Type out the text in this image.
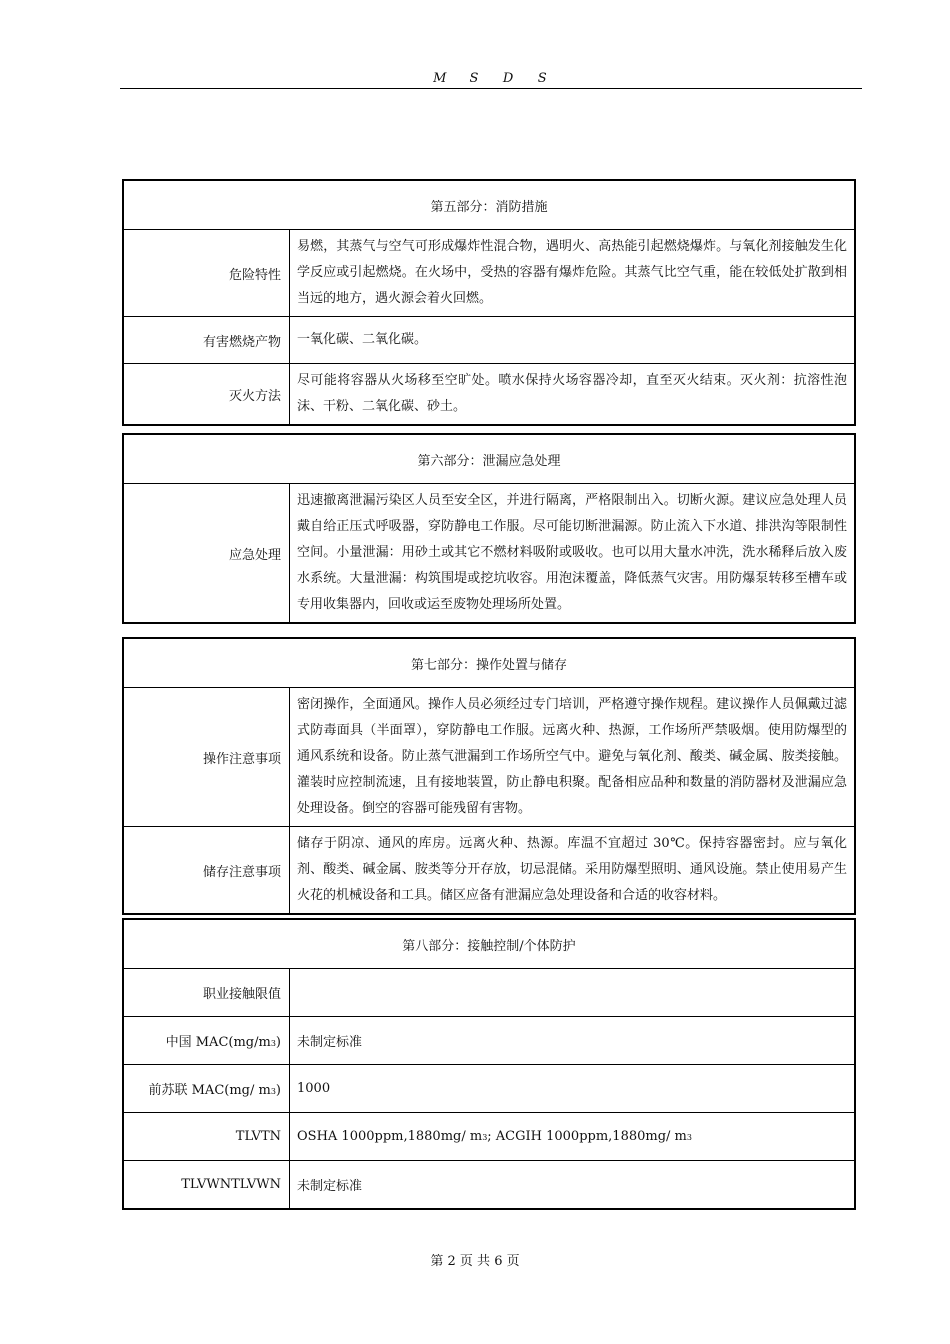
M S D S
第五部分：消防措施	
危险特性	易燃，其蒸气与空气可形成爆炸性混合物，遇明火、高热能引起燃烧爆炸。与氧化剂接触发生化学反应或引起燃烧。在火场中，受热的容器有爆炸危险。其蒸气比空气重，能在较低处扩散到相当远的地方，遇火源会着火回燃。
有害燃烧产物	一氧化碳、二氧化碳。
灭火方法	尽可能将容器从火场移至空旷处。喷水保持火场容器冷却，直至灭火结束。灭火剂：抗溶性泡沫、干粉、二氧化碳、砂土。
第六部分：泄漏应急处理
应急处理	迅速撤离泄漏污染区人员至安全区，并进行隔离，严格限制出入。切断火源。建议应急处理人员戴自给正压式呼吸器，穿防静电工作服。尽可能切断泄漏源。防止流入下水道、排洪沟等限制性空间。小量泄漏：用砂土或其它不燃材料吸附或吸收。也可以用大量水冲洗，洗水稀释后放入废水系统。大量泄漏：构筑围堤或挖坑收容。用泡沫覆盖，降低蒸气灾害。用防爆泵转移至槽车或专用收集器内，回收或运至废物处理场所处置。
第七部分：操作处置与储存	
操作注意事项	密闭操作，全面通风。操作人员必须经过专门培训，严格遵守操作规程。建议操作人员佩戴过滤式防毒面具（半面罩），穿防静电工作服。远离火种、热源，工作场所严禁吸烟。使用防爆型的通风系统和设备。防止蒸气泄漏到工作场所空气中。避免与氧化剂、酸类、碱金属、胺类接触。灌装时应控制流速，且有接地装置，防止静电积聚。配备相应品种和数量的消防器材及泄漏应急处理设备。倒空的容器可能残留有害物。
储存注意事项	储存于阴凉、通风的库房。远离火种、热源。库温不宜超过 30℃。保持容器密封。应与氧化剂、酸类、碱金属、胺类等分开存放，切忌混储。采用防爆型照明、通风设施。禁止使用易产生火花的机械设备和工具。储区应备有泄漏应急处理设备和合适的收容材料。
第八部分：接触控制/个体防护	
职业接触限值	
中国 MAC(mg/m3)	未制定标准
前苏联 MAC(mg/ m3)	1000
TLVTN	OSHA 1000ppm,1880mg/ m3; ACGIH 1000ppm,1880mg/ m3
TLVWNTLVWN	未制定标准
第 2 页 共 6 页
